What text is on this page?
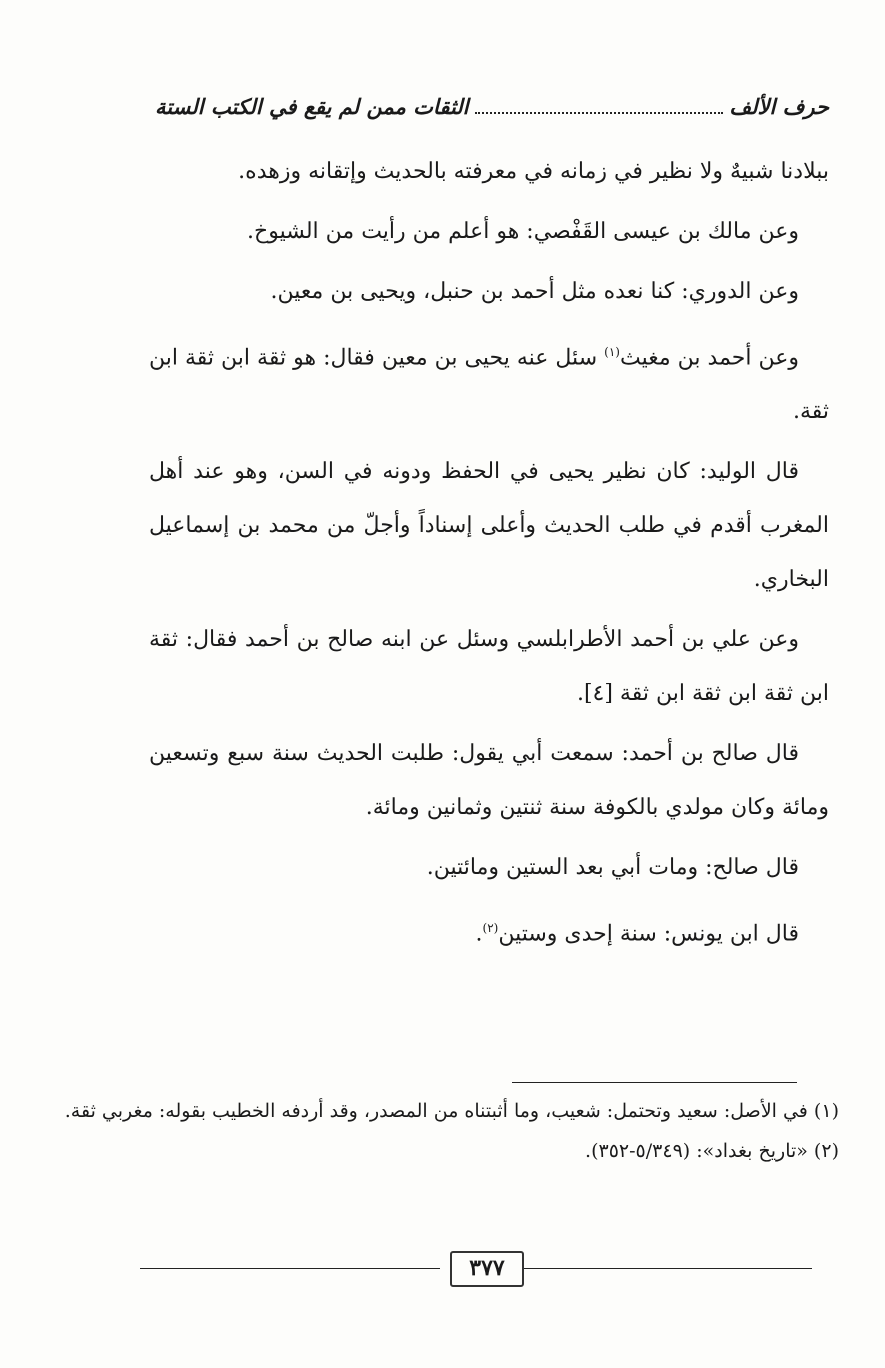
حرف الألف
الثقات ممن لم يقع في الكتب الستة

ببلادنا شبيهٌ ولا نظير في زمانه في معرفته بالحديث وإتقانه وزهده.

وعن مالك بن عيسى القَفْصي: هو أعلم من رأيت من الشيوخ.

وعن الدوري: كنا نعده مثل أحمد بن حنبل، ويحيى بن معين.

وعن أحمد بن مغيث$^{(١)}$ سئل عنه يحيى بن معين فقال: هو ثقة ابن ثقة ابن ثقة.

قال الوليد: كان نظير يحيى في الحفظ ودونه في السن، وهو عند أهل المغرب أقدم في طلب الحديث وأعلى إسناداً وأجلّ من محمد بن إسماعيل البخاري.

وعن علي بن أحمد الأطرابلسي وسئل عن ابنه صالح بن أحمد فقال: ثقة ابن ثقة ابن ثقة ابن ثقة [٤].

قال صالح بن أحمد: سمعت أبي يقول: طلبت الحديث سنة سبع وتسعين ومائة وكان مولدي بالكوفة سنة ثنتين وثمانين ومائة.

قال صالح: ومات أبي بعد الستين ومائتين.

قال ابن يونس: سنة إحدى وستين$^{(٢)}$.

(١) في الأصل: سعيد وتحتمل: شعيب، وما أثبتناه من المصدر، وقد أردفه الخطيب بقوله: مغربي ثقة.

(٢) «تاريخ بغداد»: (٥/٣٤٩-٣٥٢).

٣٧٧
